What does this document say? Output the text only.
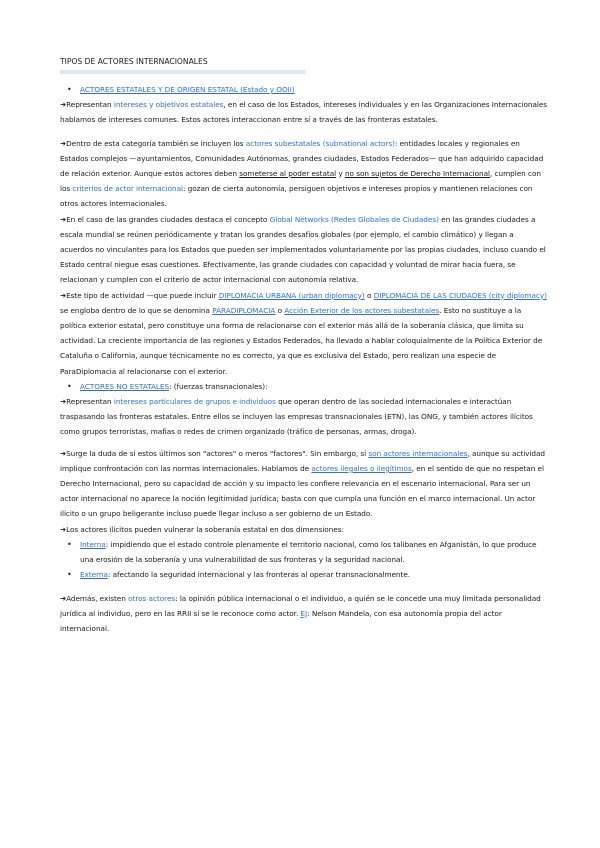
TIPOS DE ACTORES INTERNACIONALES
• ACTORES ESTATALES Y DE ORIGEN ESTATAL (Estado y OOII)

➜Representan intereses y objetivos estatales, en el caso de los Estados, intereses individuales y en las Organizaciones Internacionales hablamos de intereses comunes. Estos actores interaccionan entre sí a través de las fronteras estatales.

➜Dentro de esta categoría también se incluyen los actores subestatales (subnational actors): entidades locales y regionales en Estados complejos —ayuntamientos, Comunidades Autónomas, grandes ciudades, Estados Federados— que han adquirido capacidad de relación exterior. Aunque estos actores deben someterse al poder estatal y no son sujetos de Derecho Internacional, cumplen con los criterios de actor internacional: gozan de cierta autonomía, persiguen objetivos e intereses propios y mantienen relaciones con otros actores internacionales.

➜En el caso de las grandes ciudades destaca el concepto Global Networks (Redes Globales de Ciudades) en las grandes ciudades a escala mundial se reúnen periódicamente y tratan los grandes desafíos globales (por ejemplo, el cambio climático) y llegan a acuerdos no vinculantes para los Estados que pueden ser implementados voluntariamente por las propias ciudades, incluso cuando el Estado central niegue esas cuestiones. Efectivamente, las grande ciudades con capacidad y voluntad de mirar hacia fuera, se relacionan y cumplen con el criterio de actor internacional con autonomía relativa.

➜Este tipo de actividad —que puede incluir DIPLOMACIA URBANA (urban diplomacy) o DIPLOMACIA DE LAS CIUDADES (city diplomacy) se engloba dentro de lo que se denomina PARADIPLOMACIA o Acción Exterior de los actores subestatales. Esto no sustituye a la política exterior estatal, pero constituye una forma de relacionarse con el exterior más allá de la soberanía clásica, que limita su actividad. La creciente importancia de las regiones y Estados Federados, ha llevado a hablar coloquialmente de la Política Exterior de Cataluña o California, aunque técnicamente no es correcto, ya que es exclusiva del Estado, pero realizan una especie de ParaDiplomacia al relacionarse con el exterior.

• ACTORES NO ESTATALES: (fuerzas transnacionales):

➜Representan intereses particulares de grupos e individuos que operan dentro de las sociedad internacionales e interactúan traspasando las fronteras estatales. Entre ellos se incluyen las empresas transnacionales (ETN), las ONG, y también actores ilícitos como grupos terroristas, mafias o redes de crimen organizado (tráfico de personas, armas, droga).

➜Surge la duda de si estos últimos son "actores" o meros "factores". Sin embargo, sí son actores internacionales, aunque su actividad implique confrontación con las normas internacionales. Hablamos de actores ilegales o ilegítimos, en el sentido de que no respetan el Derecho Internacional, pero su capacidad de acción y su impacto les confiere relevancia en el escenario internacional. Para ser un actor internacional no aparece la noción legitimidad jurídica; basta con que cumpla una función en el marco internacional. Un actor ilícito o un grupo beligerante incluso puede llegar incluso a ser gobierno de un Estado.

➜Los actores ilícitos pueden vulnerar la soberanía estatal en dos dimensiones:

• Interna: impidiendo que el estado controle plenamente el territorio nacional, como los talibanes en Afganistán, lo que produce una erosión de la soberanía y una vulnerabilidad de sus fronteras y la seguridad nacional.
• Externa: afectando la seguridad internacional y las fronteras al operar transnacionalmente.

➜Además, existen otros actores: la opinión pública internacional o el individuo, a quién se le concede una muy limitada personalidad jurídica al individuo, pero en las RRII sí se le reconoce como actor. EJ: Nelson Mandela, con esa autonomía propia del actor internacional.
